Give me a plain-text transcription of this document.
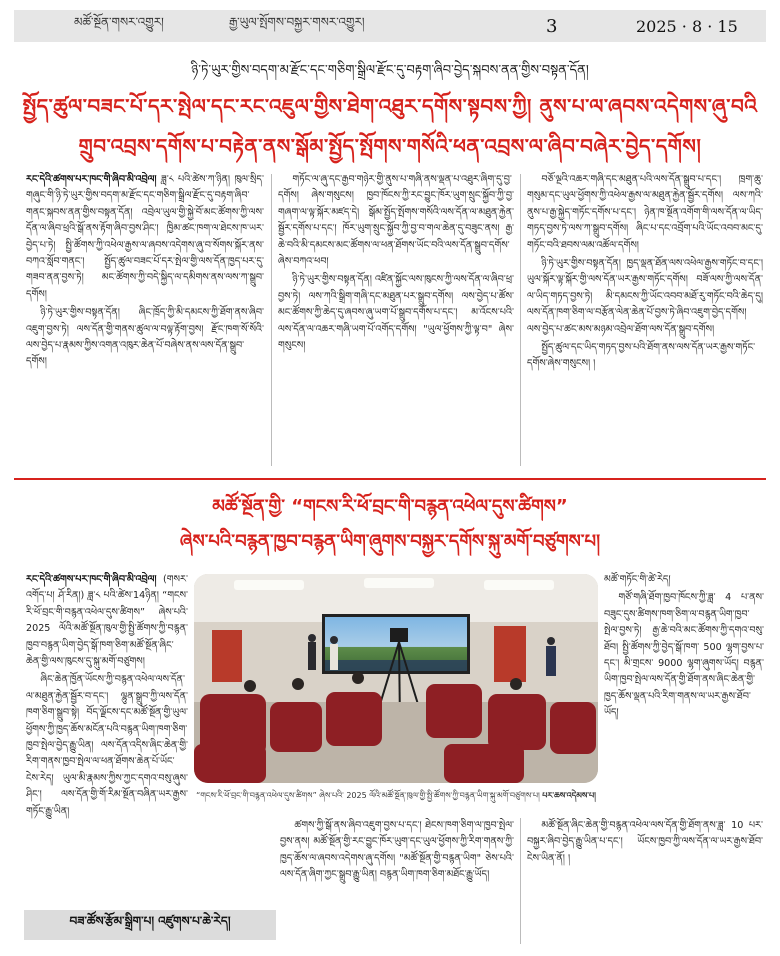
མཚོ་སྔོན་གསར་འགྱུར།	རྒྱ་ཡུལ་སྤོགས་བསྐྱར་གསར་འགྱུར།	3	2025 · 8 · 15
ཉི་ཏེ་ཡུར་གྱིས་བདག་མ་རྫོང་དང་གཅིག་སྒྲིལ་རྫོང་དུ་བརྟག་ཞིབ་བྱེད་སྐབས་ནན་གྱིས་བསྟན་དོན།
སྤྱོད་ཚུལ་བཟང་པོ་དར་སྤེལ་དང་རང་འཇུལ་གྱིས་ཐེག་འཐུར་དགོས་སྟབས་ཀྱི། ནུས་པ་ལ་ཞབས་འདེགས་ཞུ་བའི
གྲུབ་འབྲས་དགོས་པ་བརྟེན་ནས་སྒོམ་སྤྱོད་སྤོགས་གསོའི་ཕན་འབྲས་ལ་ཞིབ་བཞེར་བྱེད་དགོས།

རང་དེའི་ཚགས་པར་ཁང་གི་ཞིབ་མི་འབྲེལ། ཟླ་༨ པའི་ཚེས་ཀ་ཉིན། ཁུལ་སྲིད་གཞུང་གི་ཉི་ཏེ་ཡུར་གྱིས་བདག་མ་རྫོང་དང་གཅིག་སྒྲིལ་རྫོང་དུ་བརྟག་ཞིབ་གནང་སྐབས་ནན་གྱིས་བསྟན་དོན། འབྲེལ་ཡུལ་གྱི་སྐྱེ་བོ་མང་ཚོགས་ཀྱི་ལས་དོན་ལ་ཞིབ་ཕྲའི་སྒོ་ནས་རྟོག་ཞིབ་བྱས་ཤིང་། ཁྱིམ་ཚང་ཁག་ལ་ཐེངས་ཁ་ཡར་བྱེད་པ་ཏེ། སྤྱི་ཚོགས་ཀྱི་འཕེལ་རྒྱས་ལ་ཞབས་འདེགས་ཞུ་བ་སོགས་སྐོར་ནས་བཀའ་སློབ་གནང་། སྤྱོད་ཚུལ་བཟང་པོ་དར་སྤེལ་གྱི་ལས་དོན་ཁྱད་པར་དུ་གཟབ་ནན་བྱས་ཏེ། མང་ཚོགས་ཀྱི་བདེ་སྐྱིད་ལ་དམིགས་ནས་ལས་ཀ་སྒྲུབ་དགོས།

ཉི་ཏེ་ཡུར་གྱིས་བསྟན་དོན། ཞིང་ཁྲོད་ཀྱི་མི་དམངས་ཀྱི་ཐོག་ནས་ཞིབ་འཇུག་བྱས་ཏེ། ལས་དོན་གྱི་གནས་ཚུལ་ལ་བལྟ་རྟོག་བྱས། རྫོང་ཁག་སོ་སོའི་ལས་བྱེད་པ་རྣམས་ཀྱིས་འགན་འཁུར་ཆེན་པོ་བཞེས་ནས་ལས་དོན་སྒྲུབ་དགོས།

གཏོང་ལ་ཞུ་དང་རྒྱབ་གཉེར་གྱི་ནུས་པ་གཞི་ནས་ལྡན་པ་འཐུར་ཞིག་དུ་བྱ་དགོས། ཞེས་གསུངས། ཁྱབ་ཁོངས་ཀྱི་རང་བྱུང་ཁོར་ཡུག་སྲུང་སྐྱོབ་ཀྱི་བྱ་གཞག་ལ་ལྟ་སྐོར་མཛད་དེ། སྒོམ་སྤྱོད་སྤོགས་གསོའི་ལས་དོན་ལ་མཐུན་རྐྱེན་སྦྱོར་དགོས་པ་དང་། ཁོར་ཡུག་སྲུང་སྐྱོབ་ཀྱི་བྱ་བ་གལ་ཆེན་དུ་བཟུང་ནས། རྒྱ་ཆེ་བའི་མི་དམངས་མང་ཚོགས་ལ་ཕན་ཐོགས་ཡོང་བའི་ལས་དོན་སྒྲུབ་དགོས་ཞེས་བཀའ་ཕབ།

ཉི་ཏེ་ཡུར་གྱིས་བསྟན་དོན། འཛིན་སྐྱོང་ལས་ཁུངས་ཀྱི་ལས་དོན་ལ་ཞིབ་ཕྲ་བྱས་ཏེ། ལས་ཀའི་སྒྲིག་གཞི་དང་མཐུན་པར་སྒྲུབ་དགོས། ལས་བྱེད་པ་ཚོས་མང་ཚོགས་ཀྱི་ཆེད་དུ་ཞབས་ཞུ་ཡག་པོ་སྒྲུབ་དགོས་པ་དང་། མ་འོངས་པའི་ལས་དོན་ལ་འཆར་གཞི་ཡག་པོ་འགོད་དགོས། "ཡུལ་ཕྱོགས་ཀྱི་ལྟ་བ" ཞེས་གསུངས།

བཅོ་ལྔའི་འཆར་གཞི་དང་མཐུན་པའི་ལས་དོན་སྒྲུབ་པ་དང་། ཁྲག་ཆུ་གསུམ་དང་ཡུལ་ཕྱོགས་ཀྱི་འཕེལ་རྒྱས་ལ་མཐུན་རྐྱེན་སྦྱོར་དགོས། ལས་ཀའི་ནུས་པ་རྒྱ་སྐྱེད་གཏོང་དགོས་པ་དང་། ཉེན་ཁ་སྔོན་འགོག་གི་ལས་དོན་ལ་ཡིད་གཏད་བྱས་ཏེ་ལས་ཀ་སྒྲུབ་དགོས། ཞིང་པ་དང་འབྲོག་པའི་ཡོང་འབབ་མང་དུ་གཏོང་བའི་ཐབས་ལམ་འཚོལ་དགོས།

ཉི་ཏེ་ཡུར་གྱིས་བསྟན་དོན། ཁྱད་ལྡན་ཐོན་ལས་འཕེལ་རྒྱས་གཏོང་བ་དང་། ཡུལ་སྐོར་ལྟ་སྐོར་གྱི་ལས་དོན་ཡར་རྒྱས་གཏོང་དགོས། བཟོ་ལས་ཀྱི་ལས་དོན་ལ་ཡིད་གཏད་བྱས་ཏེ། མི་དམངས་ཀྱི་ཡོང་འབབ་མཐོ་རུ་གཏོང་བའི་ཆེད་དུ། ལས་དོན་ཁག་ཅིག་ལ་བརྩོན་ལེན་ཆེན་པོ་བྱས་ཏེ་ཞིབ་འཇུག་བྱེད་དགོས། ལས་བྱེད་པ་ཚང་མས་མཉམ་འབྲེལ་ཐོག་ལས་དོན་སྒྲུབ་དགོས།

སྤྱོད་ཚུལ་དང་ཡིད་གཏད་བྱས་པའི་ཐོག་ནས་ལས་དོན་ཡར་རྒྱས་གཏོང་དགོས་ཞེས་གསུངས། །

མཚོ་སྔོན་གྱི་ “གངས་རི་ཕོ་བྲང་གི་བརྙན་འཕེལ་དུས་ཚིགས”
ཞེས་པའི་བརྙན་ཁྱབ་བརྙན་ཡིག་ཞུགས་བསྐྱར་དགོས་སྐུ་མགོ་བཙུགས་པ།

རང་དེའི་ཚགས་པར་ཁང་གི་ཞིབ་མི་འབྲེལ། (གསར་འགོད་པ། ཤོ་རིན།) ཟླ་༨ པའི་ཚེས་14ཉིན། “གངས་རི་ཕོ་བྲང་གི་བརྙན་འཕེལ་དུས་ཚིགས” ཞེས་པའི་2025 ལོའི་མཚོ་སྔོན་ཁུལ་གྱི་སྤྱི་ཚོགས་ཀྱི་བརྙན་ཁྱབ་བརྙན་ཡིག་བྱེད་སྒོ་ཁག་ཅིག་མཚོ་སྔོན་ཞིང་ཆེན་གྱི་ལས་ཁུངས་དུ་སྐུ་མགོ་བཙུགས།

ཞིང་ཆེན་ཁྱོན་ཡོངས་ཀྱི་བརྙན་འཕེལ་ལས་དོན་ལ་མཐུན་རྐྱེན་སྦྱོར་བ་དང་། ལྷུན་སྒྲུབ་ཀྱི་ལས་དོན་ཁག་ཅིག་སྒྲུབ་སྟེ། བོད་ལྗོངས་དང་མཚོ་སྔོན་གྱི་ཡུལ་ཕྱོགས་ཀྱི་ཁྱད་ཆོས་མངོན་པའི་བརྙན་ཡིག་ཁག་ཅིག་ཁྱབ་སྤེལ་བྱེད་རྒྱུ་ཡིན། ལས་དོན་འདིས་ཞིང་ཆེན་གྱི་རིག་གནས་ཁྱབ་སྤེལ་ལ་ཕན་ཐོགས་ཆེན་པོ་ཡོང་ངེས་རེད། ཡུལ་མི་རྣམས་ཀྱིས་ཀྱང་དགའ་བསུ་ཞུས་ཤིང་། ལས་དོན་གྱི་གོ་རིམ་སྔོན་བཞིན་ཡར་རྒྱས་གཏོང་རྒྱུ་ཡིན།

“གངས་རི་ཕོ་བྲང་གི་བརྙན་འཕེལ་དུས་ཚིགས” ཞེས་པའི་ 2025 ལོའི་མཚོ་སྔོན་ཁུལ་གྱི་སྤྱི་ཚོགས་ཀྱི་བརྙན་ཡིག་སྐུ་མགོ་བཙུགས་པ། པར་ཆས་འདེམས་པ།

ཚགས་ཀྱི་སྒོ་ནས་ཞིབ་འཇུག་བྱས་པ་དང་། ཐེངས་ཁག་ཅིག་ལ་ཁྱབ་སྤེལ་བྱས་ནས། མཚོ་སྔོན་གྱི་རང་བྱུང་ཁོར་ཡུག་དང་ཡུལ་ཕྱོགས་ཀྱི་རིག་གནས་ཀྱི་ཁྱད་ཆོས་ལ་ཞབས་འདེགས་ཞུ་དགོས། "མཚོ་སྔོན་གྱི་བརྙན་ཡིག" ཅེས་པའི་ལས་དོན་ཞིག་ཀྱང་སྒྲུབ་རྒྱུ་ཡིན། བརྙན་ཡིག་ཁག་ཅིག་མཐོང་རྒྱུ་ཡོད།

མཚོ་གཏོང་གི་ཚེ་རེད།

གཙོ་གཞི་ཐོག་ཁྱབ་ཁོངས་ཀྱི་ཟླ་ 4 པ་ནས་བཟུང་དུས་ཚིགས་ཁག་ཅིག་ལ་བརྙན་ཡིག་ཁྱབ་སྤེལ་བྱས་ཏེ། རྒྱ་ཆེ་བའི་མང་ཚོགས་ཀྱི་དགའ་བསུ་ཐོབ། སྤྱི་ཚོགས་ཀྱི་བྱེད་སྒོ་ཁག་ 500 ལྷག་བྱས་པ་དང་། མི་གྲངས་ 9000 ལྷག་ཞུགས་ཡོད། བརྙན་ཡིག་ཁྱབ་སྤེལ་ལས་དོན་གྱི་ཐོག་ནས་ཞིང་ཆེན་གྱི་ཁྱད་ཆོས་ལྡན་པའི་རིག་གནས་ལ་ཡར་རྒྱས་ཐོབ་ཡོད།

མཚོ་སྔོན་ཞིང་ཆེན་གྱི་བརྙན་འཕེལ་ལས་དོན་གྱི་ཐོག་ནས་ཟླ་ 10 པར་བསྐྱར་ཞིབ་བྱེད་རྒྱུ་ཡིན་པ་དང་། ཡོངས་ཁྱབ་ཀྱི་ལས་དོན་ལ་ཡར་རྒྱས་ཐོབ་ངེས་ཡིན་ནོ། །

བཟ་ཚོས་རྩོམ་སྒྲིག་པ། འཛུགས་པ་ཆེ་རེད།
